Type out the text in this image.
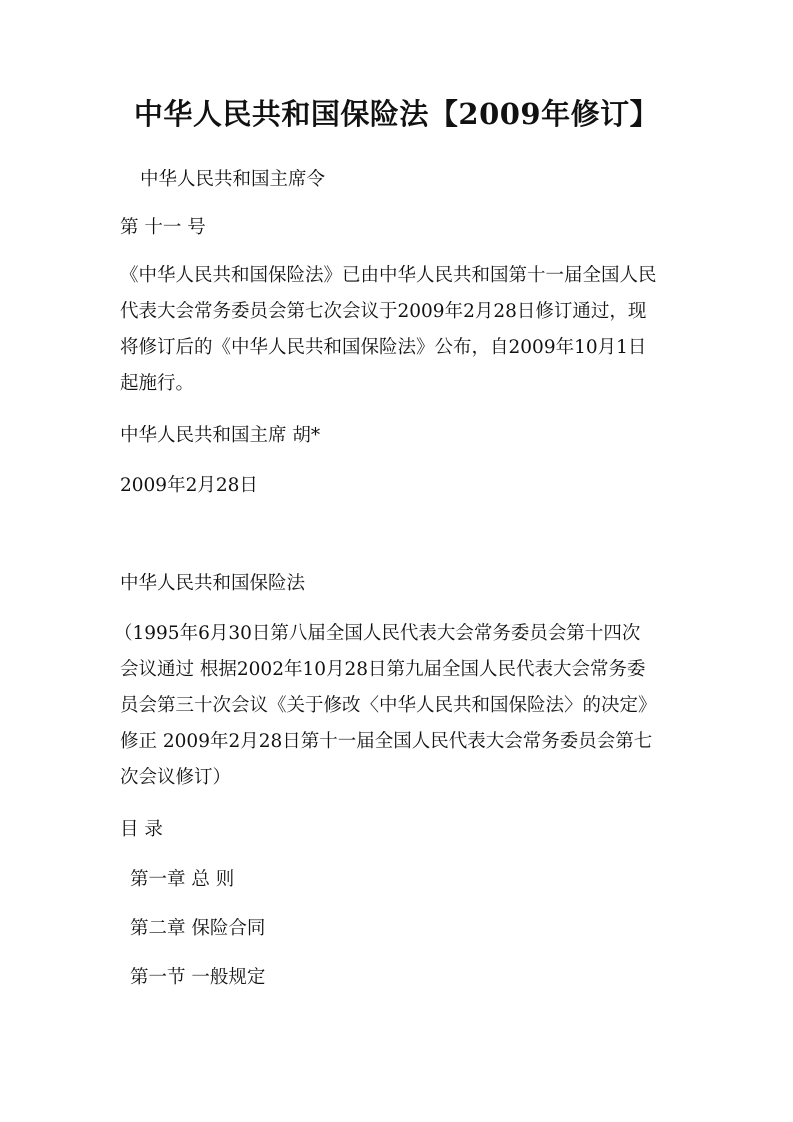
中华人民共和国保险法【2009年修订】
中华人民共和国主席令
第 十一 号
《中华人民共和国保险法》已由中华人民共和国第十一届全国人民
代表大会常务委员会第七次会议于2009年2月28日修订通过，现
将修订后的《中华人民共和国保险法》公布，自2009年10月1日
起施行。
中华人民共和国主席 胡*
2009年2月28日
中华人民共和国保险法
（1995年6月30日第八届全国人民代表大会常务委员会第十四次
会议通过 根据2002年10月28日第九届全国人民代表大会常务委
员会第三十次会议《关于修改〈中华人民共和国保险法〉的决定》
修正 2009年2月28日第十一届全国人民代表大会常务委员会第七
次会议修订）
目 录
第一章 总 则
第二章 保险合同
第一节 一般规定
